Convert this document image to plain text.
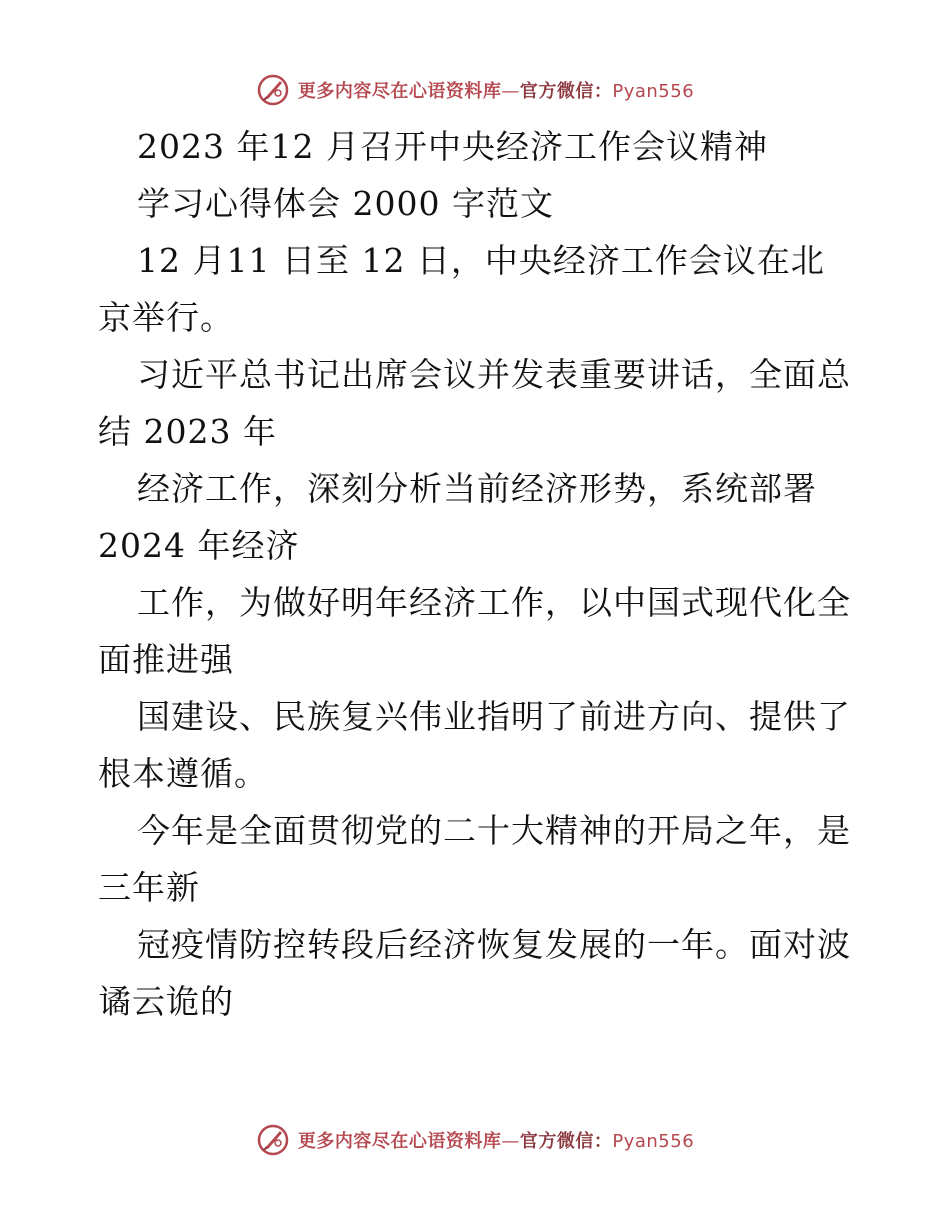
更多内容尽在心语资料库—官方微信：Pyan556
2023 年12 月召开中央经济工作会议精神
学习心得体会 2000 字范文
12 月11 日至 12 日，中央经济工作会议在北
京举行。
习近平总书记出席会议并发表重要讲话，全面总
结 2023 年
经济工作，深刻分析当前经济形势，系统部署
2024 年经济
工作，为做好明年经济工作，以中国式现代化全
面推进强
国建设、民族复兴伟业指明了前进方向、提供了
根本遵循。
今年是全面贯彻党的二十大精神的开局之年，是
三年新
冠疫情防控转段后经济恢复发展的一年。面对波
谲云诡的
更多内容尽在心语资料库—官方微信：Pyan556
